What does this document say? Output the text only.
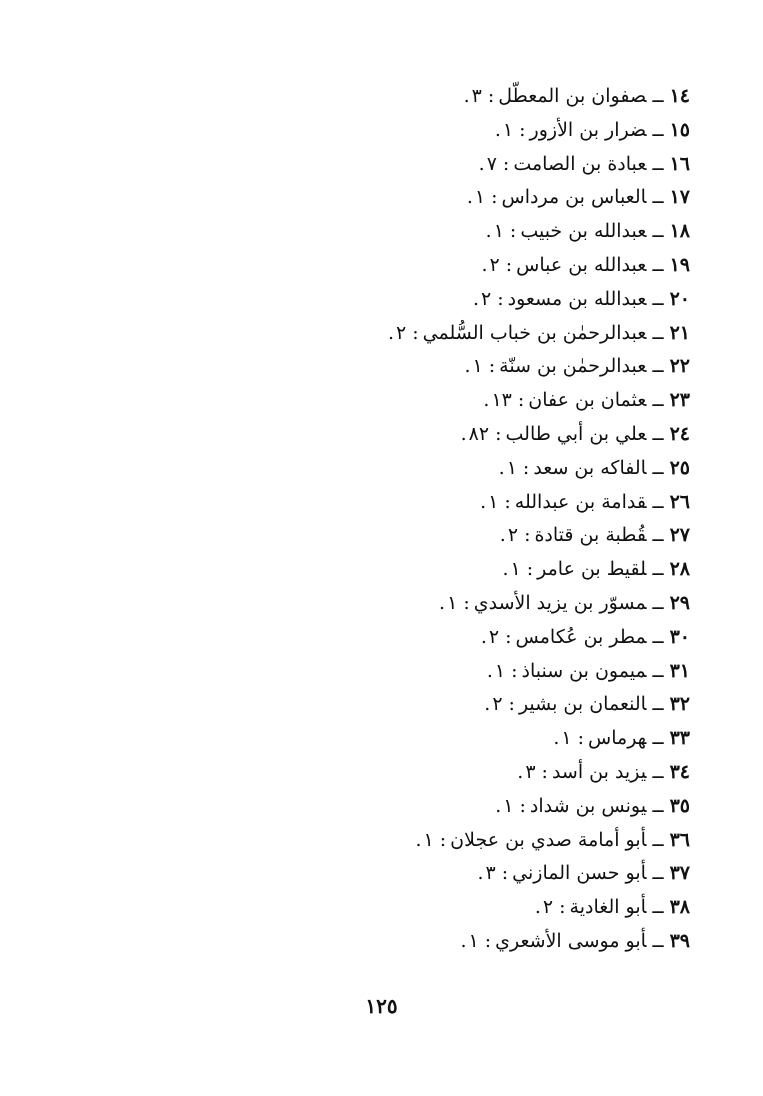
١٤ــصفوان بن المعطّل:٣.
١٥ــضرار بن الأزور:١.
١٦ــعبادة بن الصامت:٧.
١٧ــالعباس بن مرداس:١.
١٨ــعبدالله بن خبيب:١.
١٩ــعبدالله بن عباس:٢.
٢٠ــعبدالله بن مسعود:٢.
٢١ــعبدالرحمٰن بن خباب السُّلمي:٢.
٢٢ــعبدالرحمٰن بن سنّة:١.
٢٣ــعثمان بن عفان:١٣.
٢٤ــعلي بن أبي طالب:٨٢.
٢٥ــالفاكه بن سعد:١.
٢٦ــقدامة بن عبدالله:١.
٢٧ــقُطبة بن قتادة:٢.
٢٨ــلقيط بن عامر:١.
٢٩ــمسوّر بن يزيد الأسدي:١.
٣٠ــمطر بن عُكامس:٢.
٣١ــميمون بن سنباذ:١.
٣٢ــالنعمان بن بشير:٢.
٣٣ــهرماس:١.
٣٤ــيزيد بن أسد:٣.
٣٥ــيونس بن شداد:١.
٣٦ــأبو أمامة صدي بن عجلان:١.
٣٧ــأبو حسن المازني:٣.
٣٨ــأبو الغادية:٢.
٣٩ــأبو موسى الأشعري:١.
١٢٥
